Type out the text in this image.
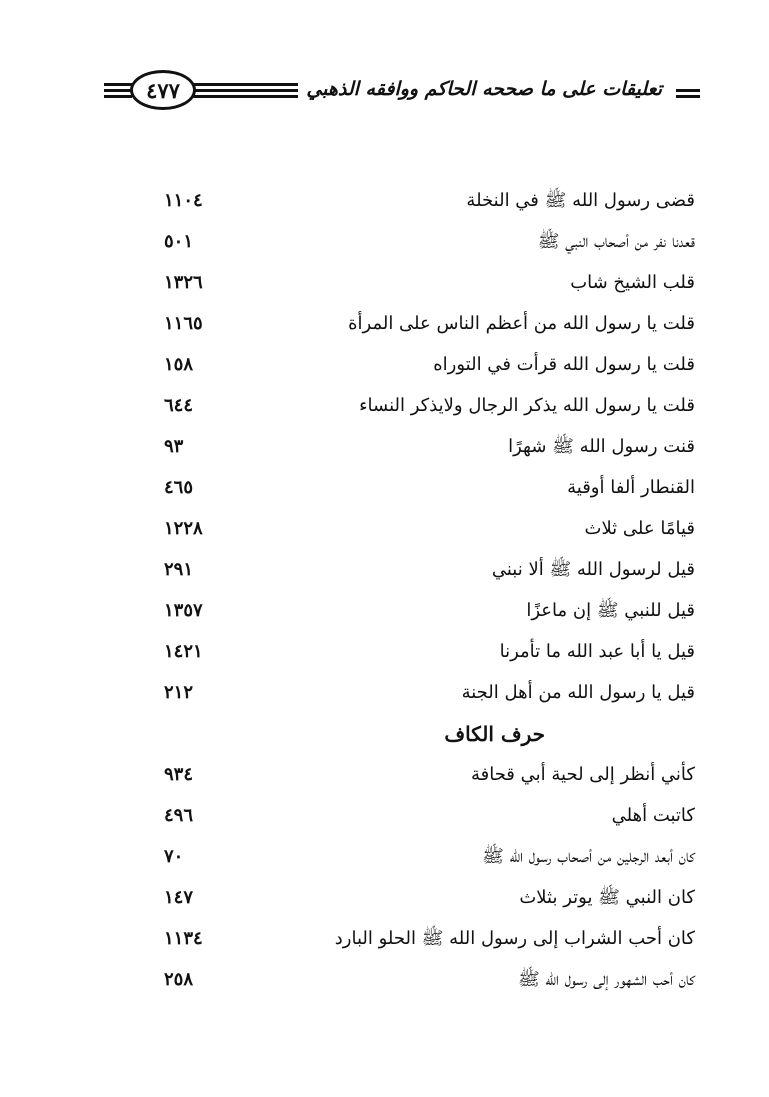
٤٧٧	تعليقات على ما صححه الحاكم ووافقه الذهبي
قضى رسول الله ﷺ في النخلة
١١٠٤
قعدنا نفر من أصحاب النبي ﷺ
٥٠١
قلب الشيخ شاب
١٣٢٦
قلت يا رسول الله من أعظم الناس على المرأة
١١٦٥
قلت يا رسول الله قرأت في التوراه
١٥٨
قلت يا رسول الله يذكر الرجال ولايذكر النساء
٦٤٤
قنت رسول الله ﷺ شهرًا
٩٣
القنطار ألفا أوقية
٤٦٥
قيامًا على ثلاث
١٢٢٨
قيل لرسول الله ﷺ ألا نبني
٢٩١
قيل للنبي ﷺ إن ماعزًا
١٣٥٧
قيل يا أبا عبد الله ما تأمرنا
١٤٢١
قيل يا رسول الله من أهل الجنة
٢١٢
حرف الكاف
كأني أنظر إلى لحية أبي قحافة
٩٣٤
كاتبت أهلي
٤٩٦
كان أبعد الرجلين من أصحاب رسول الله ﷺ
٧٠
كان النبي ﷺ يوتر بثلاث
١٤٧
كان أحب الشراب إلى رسول الله ﷺ الحلو البارد
١١٣٤
كان أحب الشهور إلى رسول الله ﷺ
٢٥٨
